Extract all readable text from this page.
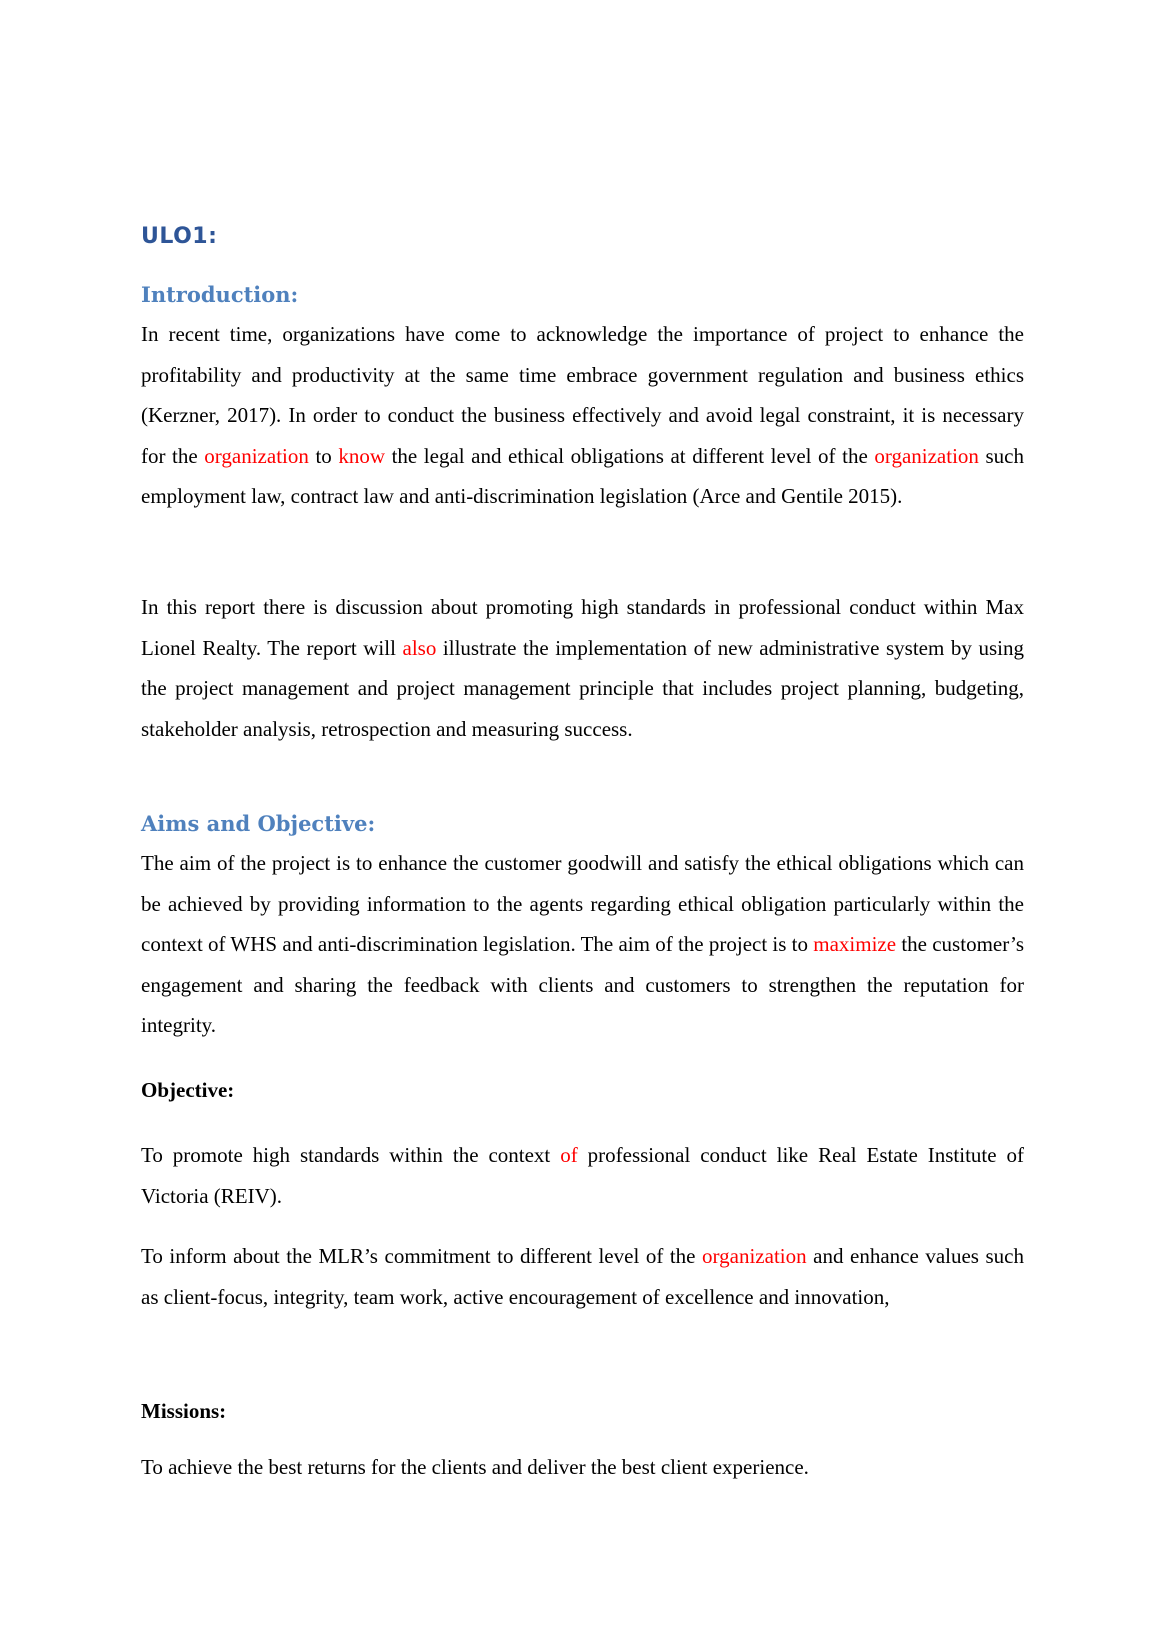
ULO1:
Introduction:

In recent time, organizations have come to acknowledge the importance of project to enhance the profitability and productivity at the same time embrace government regulation and business ethics (Kerzner, 2017). In order to conduct the business effectively and avoid legal constraint, it is necessary for the organization to know the legal and ethical obligations at different level of the organization such employment law, contract law and anti-discrimination legislation (Arce and Gentile 2015).

In this report there is discussion about promoting high standards in professional conduct within Max Lionel Realty. The report will also illustrate the implementation of new administrative system by using the project management and project management principle that includes project planning, budgeting, stakeholder analysis, retrospection and measuring success.

Aims and Objective:

The aim of the project is to enhance the customer goodwill and satisfy the ethical obligations which can be achieved by providing information to the agents regarding ethical obligation particularly within the context of WHS and anti-discrimination legislation. The aim of the project is to maximize the customer’s engagement and sharing the feedback with clients and customers to strengthen the reputation for integrity.

Objective:

To promote high standards within the context of professional conduct like Real Estate Institute of Victoria (REIV).

To inform about the MLR’s commitment to different level of the organization and enhance values such as client-focus, integrity, team work, active encouragement of excellence and innovation,

Missions:

To achieve the best returns for the clients and deliver the best client experience.
